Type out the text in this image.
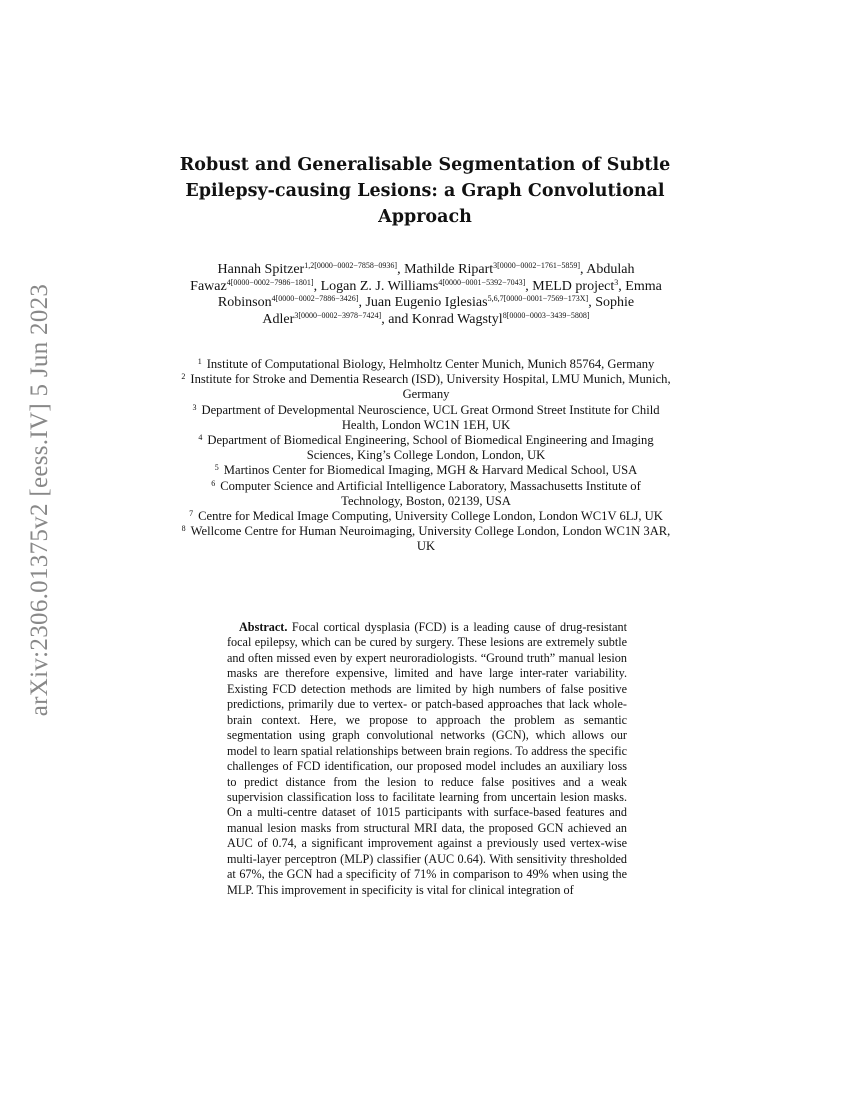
arXiv:2306.01375v2 [eess.IV] 5 Jun 2023
Robust and Generalisable Segmentation of Subtle Epilepsy-causing Lesions: a Graph Convolutional Approach

Hannah Spitzer$^{1,2[0000-0002-7858-0936]}$, Mathilde Ripart$^{3[0000-0002-1761-5859]}$, Abdulah Fawaz$^{4[0000-0002-7986-1801]}$, Logan Z. J. Williams$^{4[0000-0001-5392-7043]}$, MELD project$^3$, Emma Robinson$^{4[0000-0002-7886-3426]}$, Juan Eugenio Iglesias$^{5,6,7[0000-0001-7569-173X]}$, Sophie Adler$^{3[0000-0002-3978-7424]}$, and Konrad Wagstyl$^{8[0000-0003-3439-5808]}$

$^1$ Institute of Computational Biology, Helmholtz Center Munich, Munich 85764, Germany
$^2$ Institute for Stroke and Dementia Research (ISD), University Hospital, LMU Munich, Munich, Germany
$^3$ Department of Developmental Neuroscience, UCL Great Ormond Street Institute for Child Health, London WC1N 1EH, UK
$^4$ Department of Biomedical Engineering, School of Biomedical Engineering and Imaging Sciences, King’s College London, London, UK
$^5$ Martinos Center for Biomedical Imaging, MGH & Harvard Medical School, USA
$^6$ Computer Science and Artificial Intelligence Laboratory, Massachusetts Institute of Technology, Boston, 02139, USA
$^7$ Centre for Medical Image Computing, University College London, London WC1V 6LJ, UK
$^8$ Wellcome Centre for Human Neuroimaging, University College London, London WC1N 3AR, UK

Abstract. Focal cortical dysplasia (FCD) is a leading cause of drug-resistant focal epilepsy, which can be cured by surgery. These lesions are extremely subtle and often missed even by expert neuroradiologists. “Ground truth” manual lesion masks are therefore expensive, limited and have large inter-rater variability. Existing FCD detection methods are limited by high numbers of false positive predictions, primarily due to vertex- or patch-based approaches that lack whole-brain context. Here, we propose to approach the problem as semantic segmentation using graph convolutional networks (GCN), which allows our model to learn spatial relationships between brain regions. To address the specific challenges of FCD identification, our proposed model includes an auxiliary loss to predict distance from the lesion to reduce false positives and a weak supervision classification loss to facilitate learning from uncertain lesion masks. On a multi-centre dataset of 1015 participants with surface-based features and manual lesion masks from structural MRI data, the proposed GCN achieved an AUC of 0.74, a significant improvement against a previously used vertex-wise multi-layer perceptron (MLP) classifier (AUC 0.64). With sensitivity thresholded at 67%, the GCN had a specificity of 71% in comparison to 49% when using the MLP. This improvement in specificity is vital for clinical integration of
